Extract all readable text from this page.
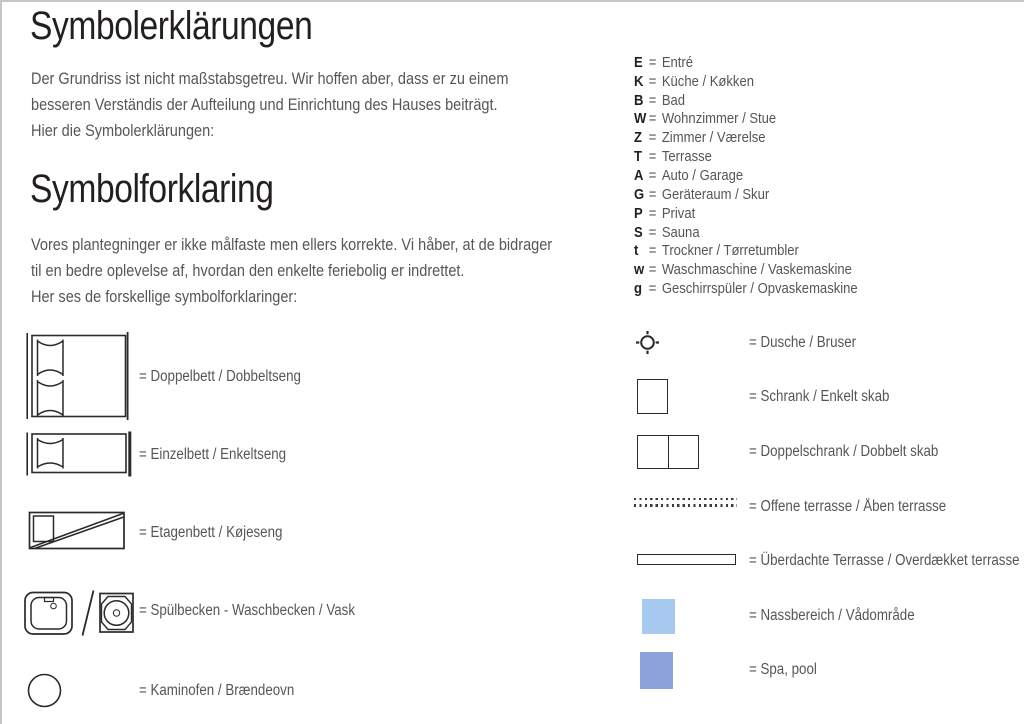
Symbolerklärungen
Der Grundriss ist nicht maßstabsgetreu. Wir hoffen aber, dass er zu einem
besseren Verständis der Aufteilung und Einrichtung des Hauses beiträgt.
Hier die Symbolerklärungen:
Symbolforklaring
Vores plantegninger er ikke målfaste men ellers korrekte. Vi håber, at de bidrager
til en bedre oplevelse af, hvordan den enkelte feriebolig er indrettet.
Her ses de forskellige symbolforklaringer:
E = Entré
K = Küche / Køkken
B = Bad
W = Wohnzimmer / Stue
Z = Zimmer / Værelse
T = Terrasse
A = Auto / Garage
G = Geräteraum / Skur
P = Privat
S = Sauna
t = Trockner / Tørretumbler
w = Waschmaschine / Vaskemaskine
g = Geschirrspüler / Opvaskemaskine
= Doppelbett / Dobbeltseng
= Einzelbett / Enkeltseng
= Etagenbett / Køjeseng
= Spülbecken - Waschbecken / Vask
= Kaminofen / Brændeovn
= Dusche / Bruser
= Schrank / Enkelt skab
= Doppelschrank / Dobbelt skab
= Offene terrasse / Åben terrasse
= Überdachte Terrasse / Overdækket terrasse
= Nassbereich / Vådområde
= Spa, pool
